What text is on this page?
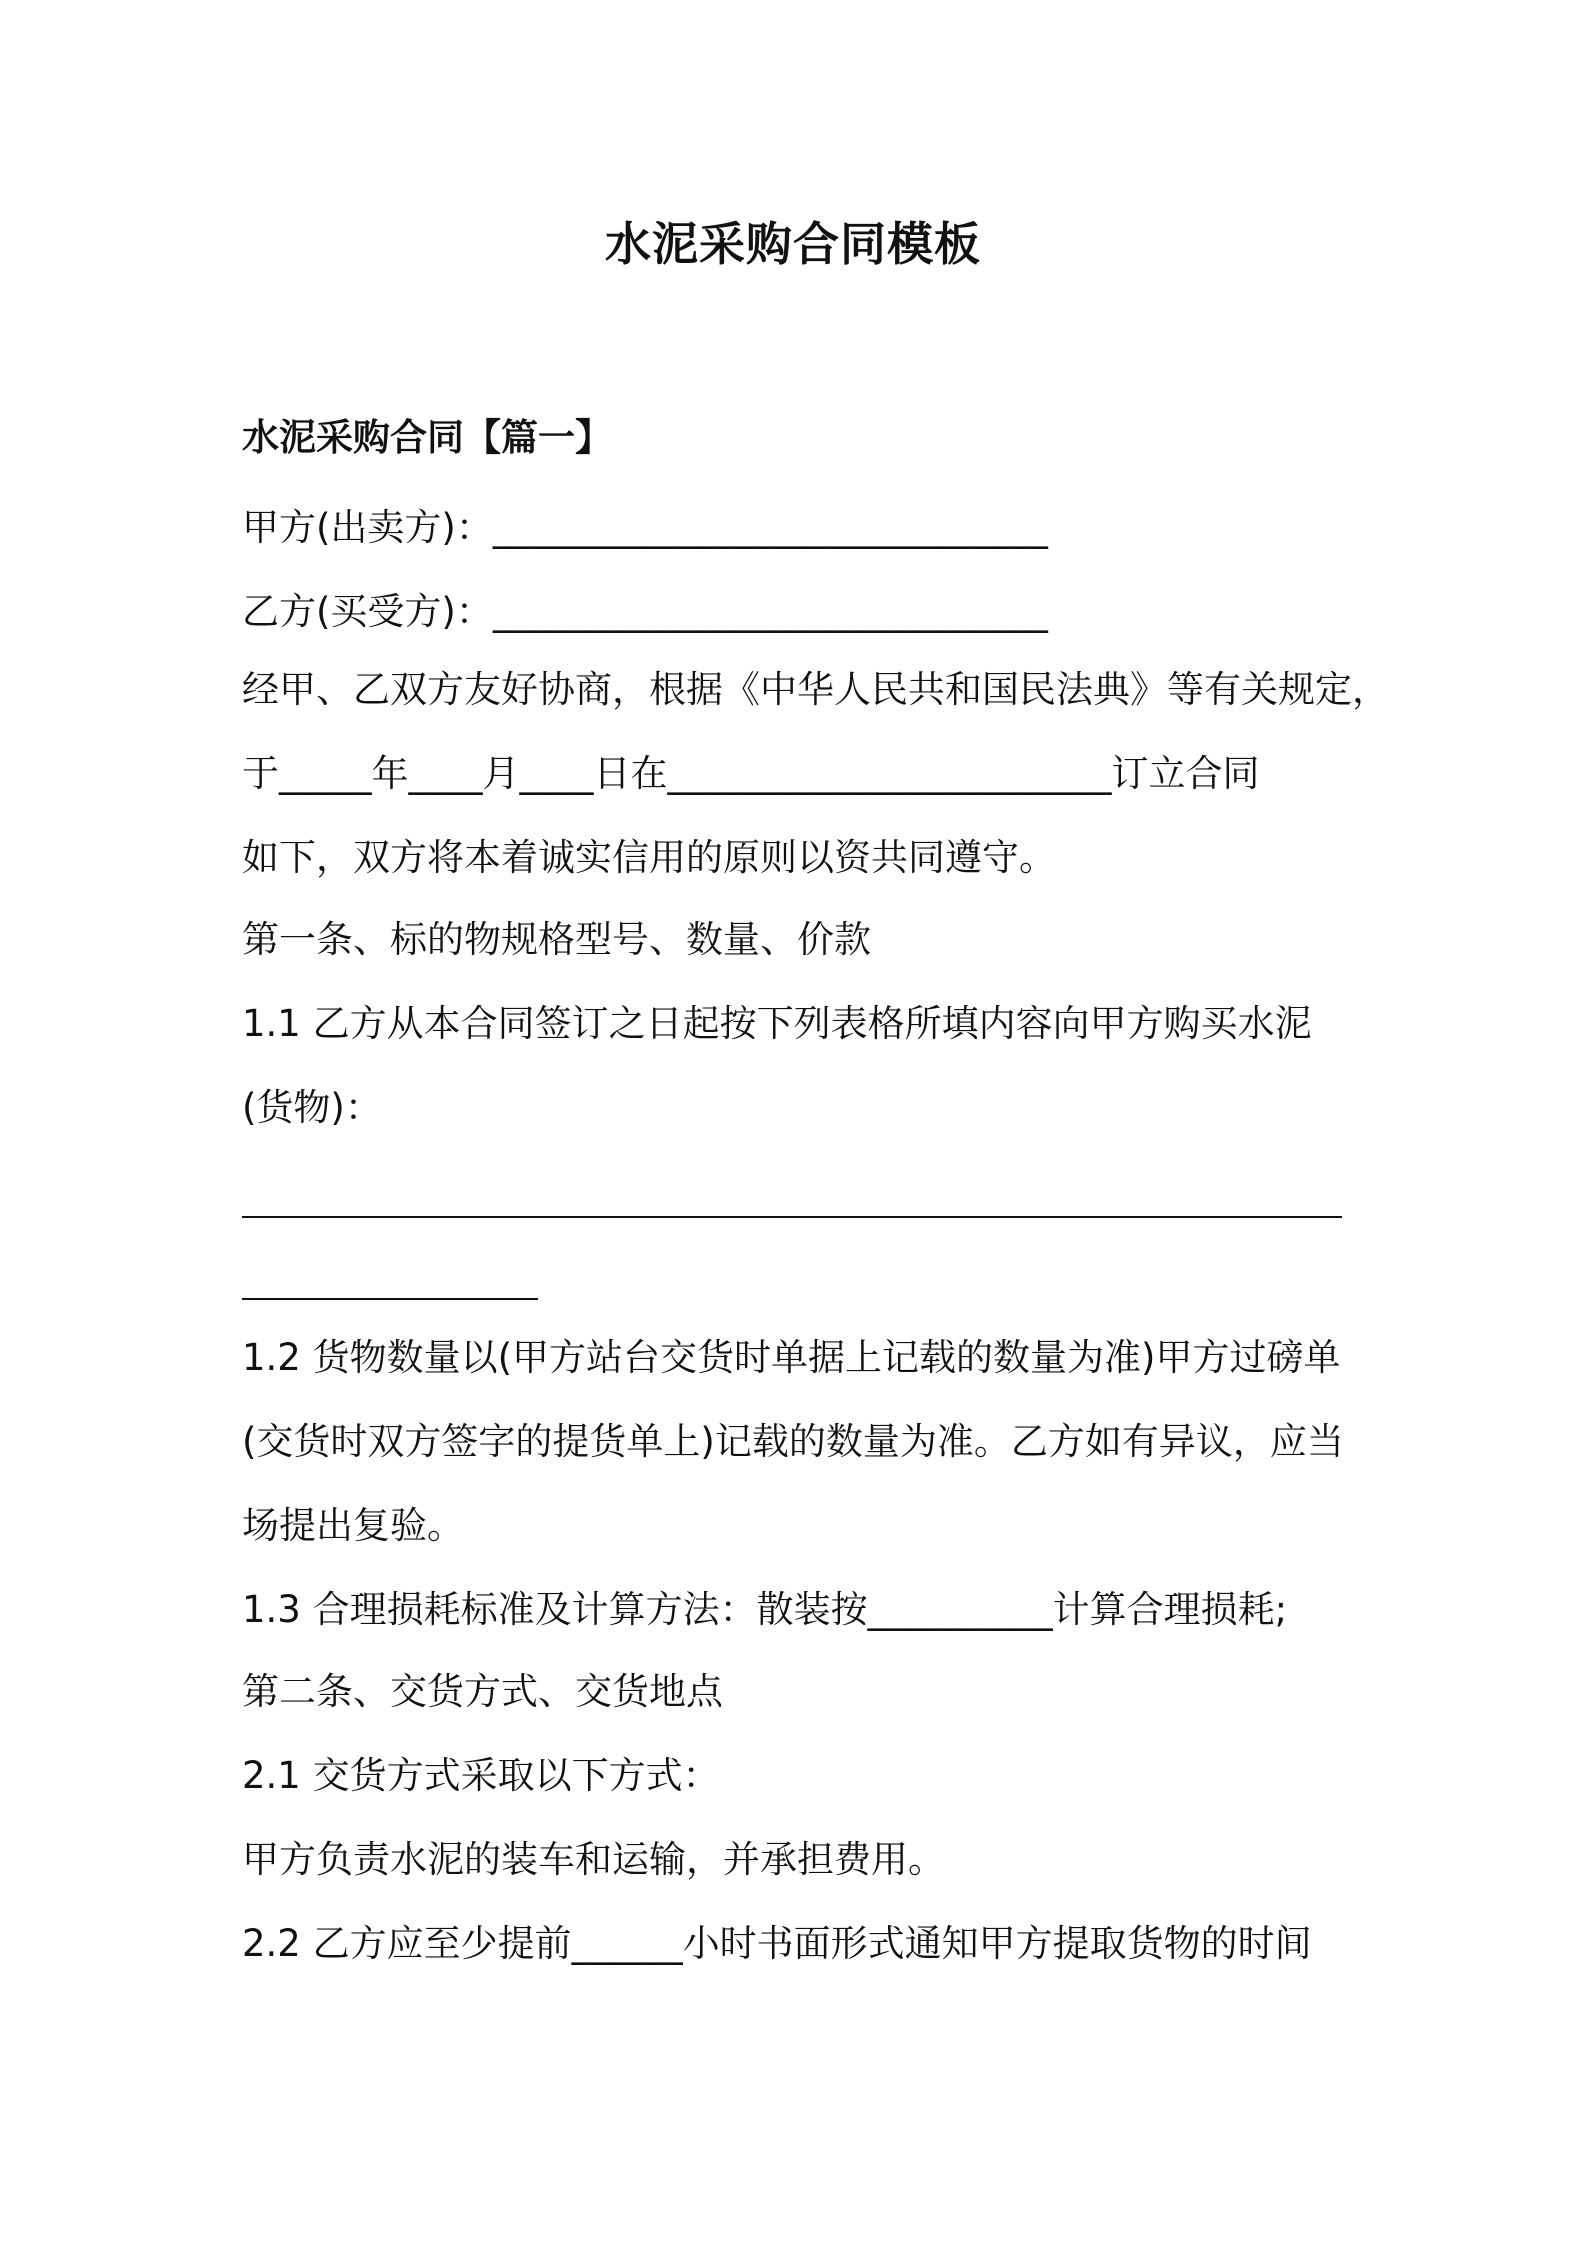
水泥采购合同模板
水泥采购合同【篇一】
甲方(出卖方)：______________________________
乙方(买受方)：______________________________
经甲、乙双方友好协商，根据《中华人民共和国民法典》等有关规定，
于_____年____月____日在________________________订立合同
如下，双方将本着诚实信用的原则以资共同遵守。
第一条、标的物规格型号、数量、价款
1.1 乙方从本合同签订之日起按下列表格所填内容向甲方购买水泥
(货物)：
1.2 货物数量以(甲方站台交货时单据上记载的数量为准)甲方过磅单
(交货时双方签字的提货单上)记载的数量为准。乙方如有异议，应当
场提出复验。
1.3 合理损耗标准及计算方法：散装按__________计算合理损耗;
第二条、交货方式、交货地点
2.1 交货方式采取以下方式：
甲方负责水泥的装车和运输，并承担费用。
2.2 乙方应至少提前______小时书面形式通知甲方提取货物的时间
